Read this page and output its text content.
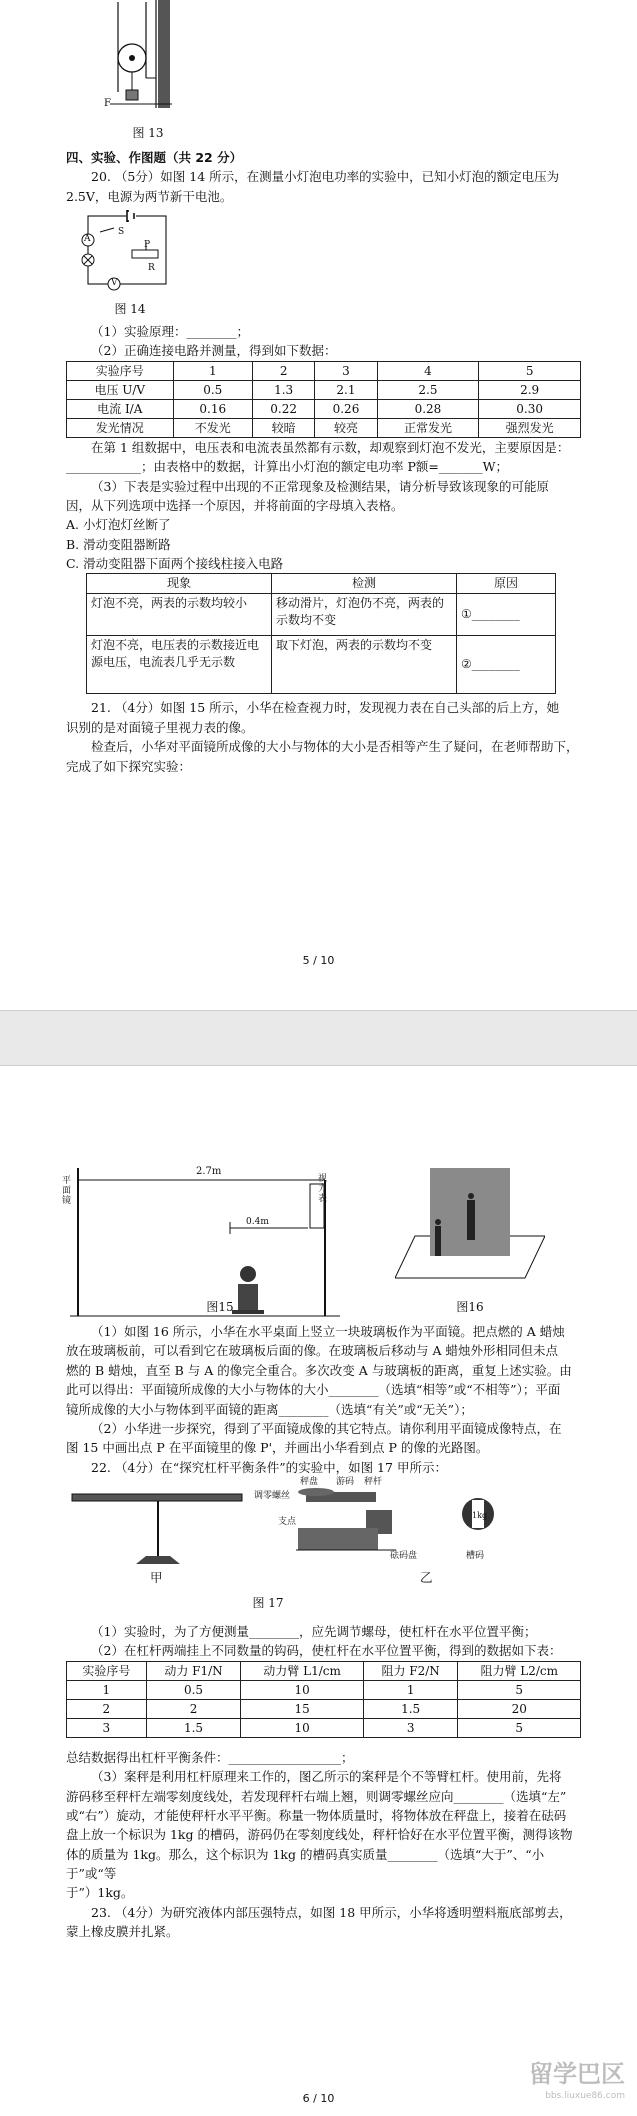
F
图 13
四、实验、作图题（共 22 分）
20. （5分）如图 14 所示，在测量小灯泡电功率的实验中，已知小灯泡的额定电压为
2.5V，电源为两节新干电池。
S
A
P
R
V
图 14
（1）实验原理：________；
（2）正确连接电路并测量，得到如下数据：
实验序号	1	2	3	4	5
电压 U/V	0.5	1.3	2.1	2.5	2.9
电流 I/A	0.16	0.22	0.26	0.28	0.30
发光情况	不发光	较暗	较亮	正常发光	强烈发光
在第 1 组数据中，电压表和电流表虽然都有示数，却观察到灯泡不发光，主要原因是：
____________；由表格中的数据，计算出小灯泡的额定电功率 P额=_______W；
（3）下表是实验过程中出现的不正常现象及检测结果，请分析导致该现象的可能原
因，从下列选项中选择一个原因，并将前面的字母填入表格。
A. 小灯泡灯丝断了
B. 滑动变阻器断路
C. 滑动变阻器下面两个接线柱接入电路
现象	检测	原因
灯泡不亮，两表的示数均较小	移动滑片，灯泡仍不亮，两表的示数均不变	①________
灯泡不亮，电压表的示数接近电源电压，电流表几乎无示数	取下灯泡，两表的示数均不变	②________
21. （4分）如图 15 所示，小华在检查视力时，发现视力表在自己头部的后上方，她
识别的是对面镜子里视力表的像。
检查后，小华对平面镜所成像的大小与物体的大小是否相等产生了疑问，在老师帮助下，
完成了如下探究实验：
5 / 10
2.7m
平面镜
视力表
0.4m
图15	图16
（1）如图 16 所示，小华在水平桌面上竖立一块玻璃板作为平面镜。把点燃的 A 蜡烛
放在玻璃板前，可以看到它在玻璃板后面的像。在玻璃板后移动与 A 蜡烛外形相同但未点
燃的 B 蜡烛，直至 B 与 A 的像完全重合。多次改变 A 与玻璃板的距离，重复上述实验。由
此可以得出：平面镜所成像的大小与物体的大小________（选填“相等”或“不相等”）；平面
镜所成像的大小与物体到平面镜的距离________（选填“有关”或“无关”）；
（2）小华进一步探究，得到了平面镜成像的其它特点。请你利用平面镜成像特点，在
图 15 中画出点 P 在平面镜里的像 P'，并画出小华看到点 P 的像的光路图。
22. （4分）在“探究杠杆平衡条件”的实验中，如图 17 甲所示：
甲	乙
秤盘 游码 秤杆
调零螺丝
支点
砝码盘	槽码
1kg
图 17
（1）实验时，为了方便测量________，应先调节螺母，使杠杆在水平位置平衡；
（2）在杠杆两端挂上不同数量的钩码，使杠杆在水平位置平衡，得到的数据如下表：
实验序号	动力 F1/N	动力臂 L1/cm	阻力 F2/N	阻力臂 L2/cm
1	0.5	10	1	5
2	2	15	1.5	20
3	1.5	10	3	5
总结数据得出杠杆平衡条件：__________________；
（3）案秤是利用杠杆原理来工作的，图乙所示的案秤是个不等臂杠杆。使用前，先将
游码移至秤杆左端零刻度线处，若发现秤杆右端上翘，则调零螺丝应向________（选填“左”
或“右”）旋动，才能使秤杆水平平衡。称量一物体质量时，将物体放在秤盘上，接着在砝码
盘上放一个标识为 1kg 的槽码，游码仍在零刻度线处，秤杆恰好在水平位置平衡，测得该物
体的质量为 1kg。那么，这个标识为 1kg 的槽码真实质量________（选填“大于”、“小于”或“等
于”）1kg。
23. （4分）为研究液体内部压强特点，如图 18 甲所示，小华将透明塑料瓶底部剪去，
蒙上橡皮膜并扎紧。
6 / 10
留学巴区
bbs.liuxue86.com
